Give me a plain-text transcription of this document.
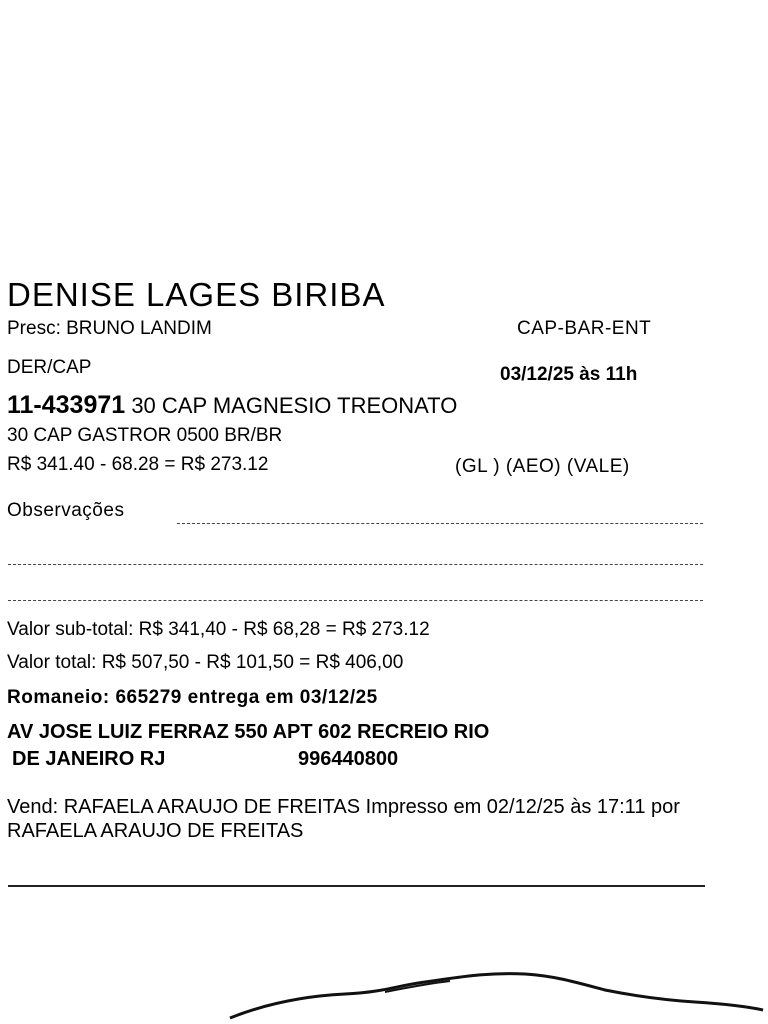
DENISE LAGES BIRIBA
Presc: BRUNO LANDIM	CAP-BAR-ENT
DER/CAP	03/12/25 às 11h
11-433971 30 CAP MAGNESIO TREONATO
30 CAP GASTROR 0500 BR/BR
R$ 341.40 - 68.28 = R$ 273.12	(GL ) (AEO) (VALE)
Observações
Valor sub-total: R$ 341,40 - R$ 68,28 = R$ 273.12
Valor total: R$ 507,50 - R$ 101,50 = R$ 406,00
Romaneio: 665279 entrega em 03/12/25
AV JOSE LUIZ FERRAZ 550 APT 602 RECREIO RIO
DE JANEIRO RJ	996440800
Vend: RAFAELA ARAUJO DE FREITAS Impresso em 02/12/25 às 17:11 por RAFAELA ARAUJO DE FREITAS
